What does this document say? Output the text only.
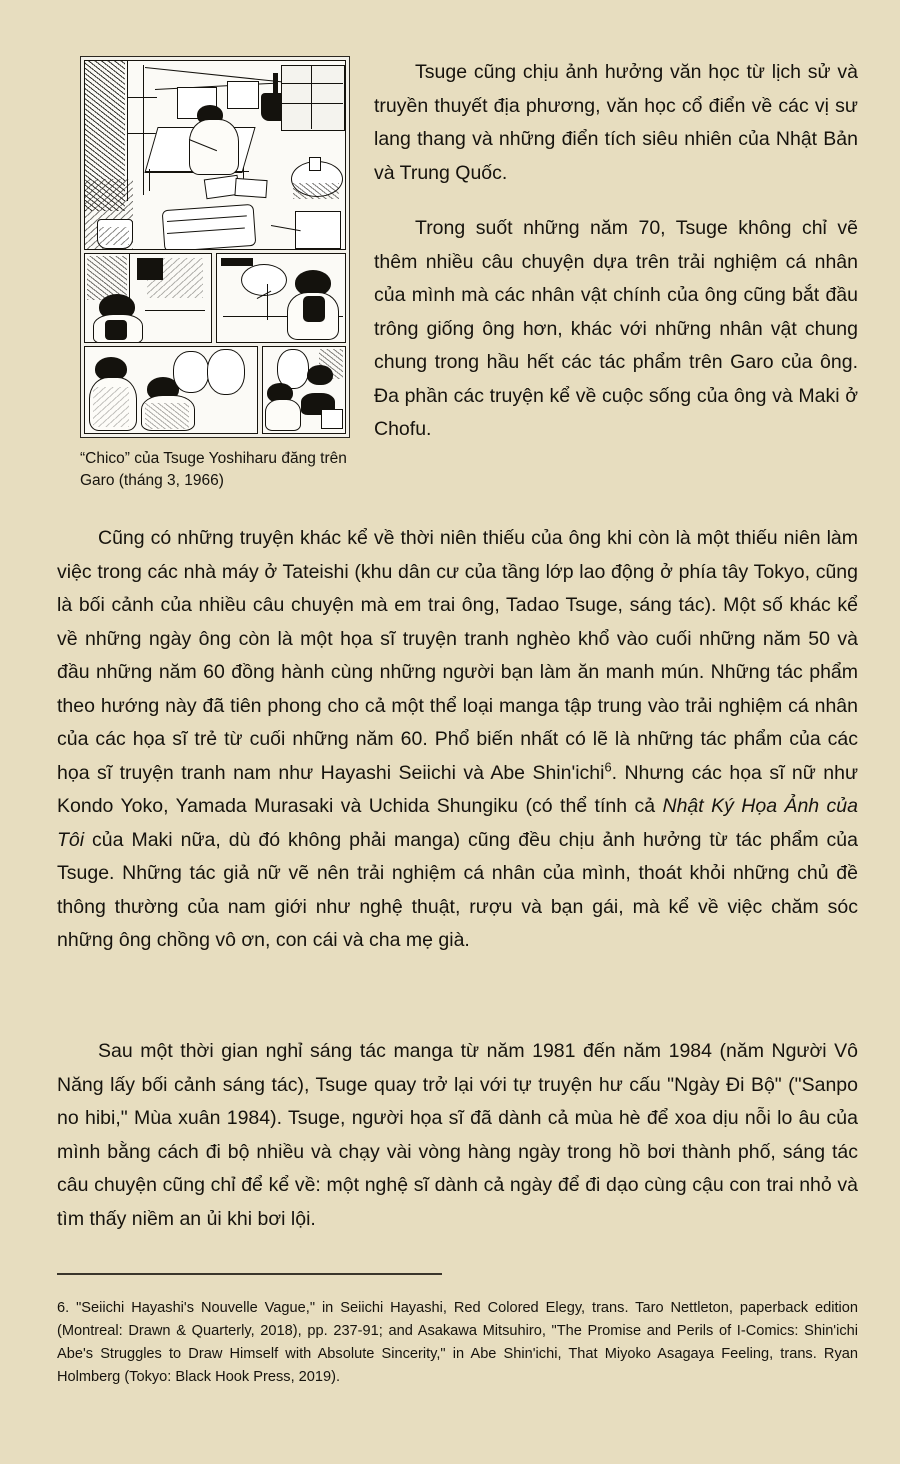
“Chico” của Tsuge Yoshiharu đăng trên Garo (tháng 3, 1966)

Tsuge cũng chịu ảnh hưởng văn học từ lịch sử và truyền thuyết địa phương, văn học cổ điển về các vị sư lang thang và những điển tích siêu nhiên của Nhật Bản và Trung Quốc.

Trong suốt những năm 70, Tsuge không chỉ vẽ thêm nhiều câu chuyện dựa trên trải nghiệm cá nhân của mình mà các nhân vật chính của ông cũng bắt đầu trông giống ông hơn, khác với những nhân vật chung chung trong hầu hết các tác phẩm trên Garo của ông. Đa phần các truyện kể về cuộc sống của ông và Maki ở Chofu.

Cũng có những truyện khác kể về thời niên thiếu của ông khi còn là một thiếu niên làm việc trong các nhà máy ở Tateishi (khu dân cư của tầng lớp lao động ở phía tây Tokyo, cũng là bối cảnh của nhiều câu chuyện mà em trai ông, Tadao Tsuge, sáng tác). Một số khác kể về những ngày ông còn là một họa sĩ truyện tranh nghèo khổ vào cuối những năm 50 và đầu những năm 60 đồng hành cùng những người bạn làm ăn manh mún. Những tác phẩm theo hướng này đã tiên phong cho cả một thể loại manga tập trung vào trải nghiệm cá nhân của các họa sĩ trẻ từ cuối những năm 60. Phổ biến nhất có lẽ là những tác phẩm của các họa sĩ truyện tranh nam như Hayashi Seiichi và Abe Shin'ichi$^6$. Nhưng các họa sĩ nữ như Kondo Yoko, Yamada Murasaki và Uchida Shungiku (có thể tính cả Nhật Ký Họa Ảnh của Tôi của Maki nữa, dù đó không phải manga) cũng đều chịu ảnh hưởng từ tác phẩm của Tsuge. Những tác giả nữ vẽ nên trải nghiệm cá nhân của mình, thoát khỏi những chủ đề thông thường của nam giới như nghệ thuật, rượu và bạn gái, mà kể về việc chăm sóc những ông chồng vô ơn, con cái và cha mẹ già.

Sau một thời gian nghỉ sáng tác manga từ năm 1981 đến năm 1984 (năm Người Vô Năng lấy bối cảnh sáng tác), Tsuge quay trở lại với tự truyện hư cấu "Ngày Đi Bộ" ("Sanpo no hibi," Mùa xuân 1984). Tsuge, người họa sĩ đã dành cả mùa hè để xoa dịu nỗi lo âu của mình bằng cách đi bộ nhiều và chạy vài vòng hàng ngày trong hồ bơi thành phố, sáng tác câu chuyện cũng chỉ để kể về: một nghệ sĩ dành cả ngày để đi dạo cùng cậu con trai nhỏ và tìm thấy niềm an ủi khi bơi lội.

6. "Seiichi Hayashi's Nouvelle Vague," in Seiichi Hayashi, Red Colored Elegy, trans. Taro Nettleton, paperback edition (Montreal: Drawn & Quarterly, 2018), pp. 237-91; and Asakawa Mitsuhiro, "The Promise and Perils of I-Comics: Shin'ichi Abe's Struggles to Draw Himself with Absolute Sincerity," in Abe Shin'ichi, That Miyoko Asagaya Feeling, trans. Ryan Holmberg (Tokyo: Black Hook Press, 2019).
